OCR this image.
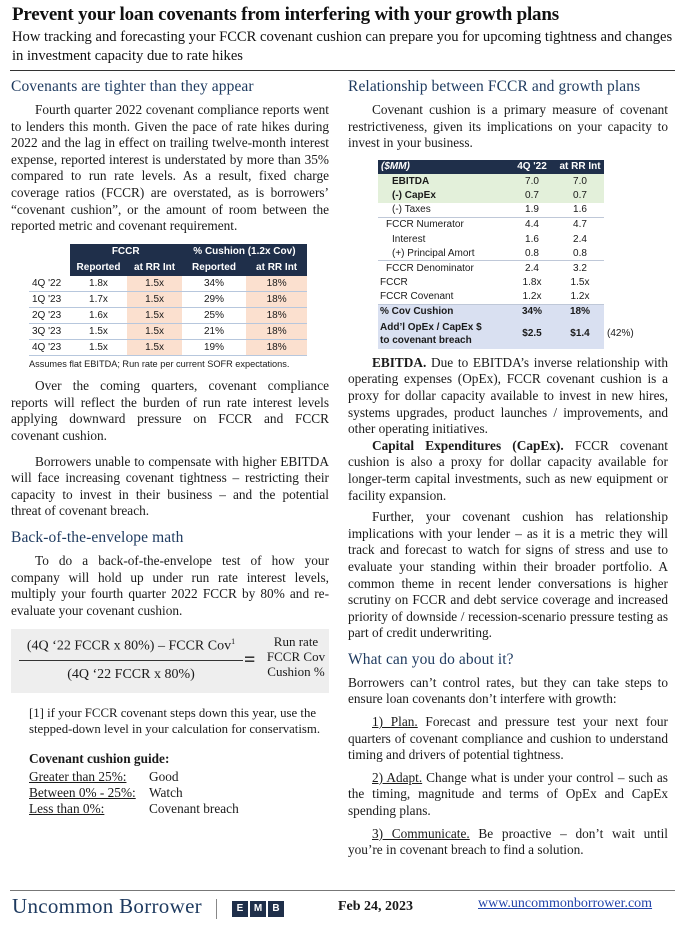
Prevent your loan covenants from interfering with your growth plans
How tracking and forecasting your FCCR covenant cushion can prepare you for upcoming tightness and changes in investment capacity due to rate hikes
Covenants are tighter than they appear

Fourth quarter 2022 covenant compliance reports went to lenders this month. Given the pace of rate hikes during 2022 and the lag in effect on trailing twelve-month interest expense, reported interest is understated by more than 35% compared to run rate levels. As a result, fixed charge coverage ratios (FCCR) are overstated, as is borrowers’ “covenant cushion”, or the amount of room between the reported metric and covenant requirement.

	FCCR		% Cushion (1.2x Cov)	
	Reported	at RR Int	Reported	at RR Int
4Q '22	1.8x	1.5x	34%	18%
1Q '23	1.7x	1.5x	29%	18%
2Q '23	1.6x	1.5x	25%	18%
3Q '23	1.5x	1.5x	21%	18%
4Q '23	1.5x	1.5x	19%	18%
Assumes flat EBITDA; Run rate per current SOFR expectations.

Over the coming quarters, covenant compliance reports will reflect the burden of run rate interest levels applying downward pressure on FCCR and FCCR covenant cushion.

Borrowers unable to compensate with higher EBITDA will face increasing covenant tightness – restricting their capacity to invest in their business – and the potential threat of covenant breach.

Back-of-the-envelope math

To do a back-of-the-envelope test of how your company will hold up under run rate interest levels, multiply your fourth quarter 2022 FCCR by 80% and re-evaluate your covenant cushion.

(4Q ‘22 FCCR x 80%) – FCCR Cov$^1$
(4Q ‘22 FCCR x 80%)
=
Run rate FCCR Cov Cushion %

[1] if your FCCR covenant steps down this year, use the stepped-down level in your calculation for conservatism.

Covenant cushion guide:
Greater than 25%:	Good
Between 0% - 25%: Watch
Less than 0%:	Covenant breach
Relationship between FCCR and growth plans

Covenant cushion is a primary measure of covenant restrictiveness, given its implications on your capacity to invest in your business.

($MM)	4Q '22	at RR Int	
EBITDA	7.0	7.0	
(-) CapEx	0.7	0.7	
(-) Taxes	1.9	1.6	
FCCR Numerator	4.4	4.7	
Interest	1.6	2.4	
(+) Principal Amort	0.8	0.8	
FCCR Denominator	2.4	3.2	
FCCR	1.8x	1.5x	
FCCR Covenant	1.2x	1.2x	
% Cov Cushion	34%	18%	
Add’l OpEx / CapEx $
to covenant breach	$2.5	$1.4	(42%)

EBITDA. Due to EBITDA’s inverse relationship with operating expenses (OpEx), FCCR covenant cushion is a proxy for dollar capacity available to invest in new hires, systems upgrades, product launches / improvements, and other operating initiatives.

Capital Expenditures (CapEx). FCCR covenant cushion is also a proxy for dollar capacity available for longer-term capital investments, such as new equipment or facility expansion.

Further, your covenant cushion has relationship implications with your lender – as it is a metric they will track and forecast to watch for signs of stress and use to evaluate your standing within their broader portfolio. A common theme in recent lender conversations is higher scrutiny on FCCR and debt service coverage and increased priority of downside / recession-scenario pressure testing as part of credit underwriting.

What can you do about it?

Borrowers can’t control rates, but they can take steps to ensure loan covenants don’t interfere with growth:

1) Plan. Forecast and pressure test your next four quarters of covenant compliance and cushion to understand timing and drivers of potential tightness.

2) Adapt. Change what is under your control – such as the timing, magnitude and terms of OpEx and CapEx spending plans.

3) Communicate. Be proactive – don’t wait until you’re in covenant breach to find a solution.

Uncommon Borrower	E	M	B	Feb 24, 2023	www.uncommonborrower.com
